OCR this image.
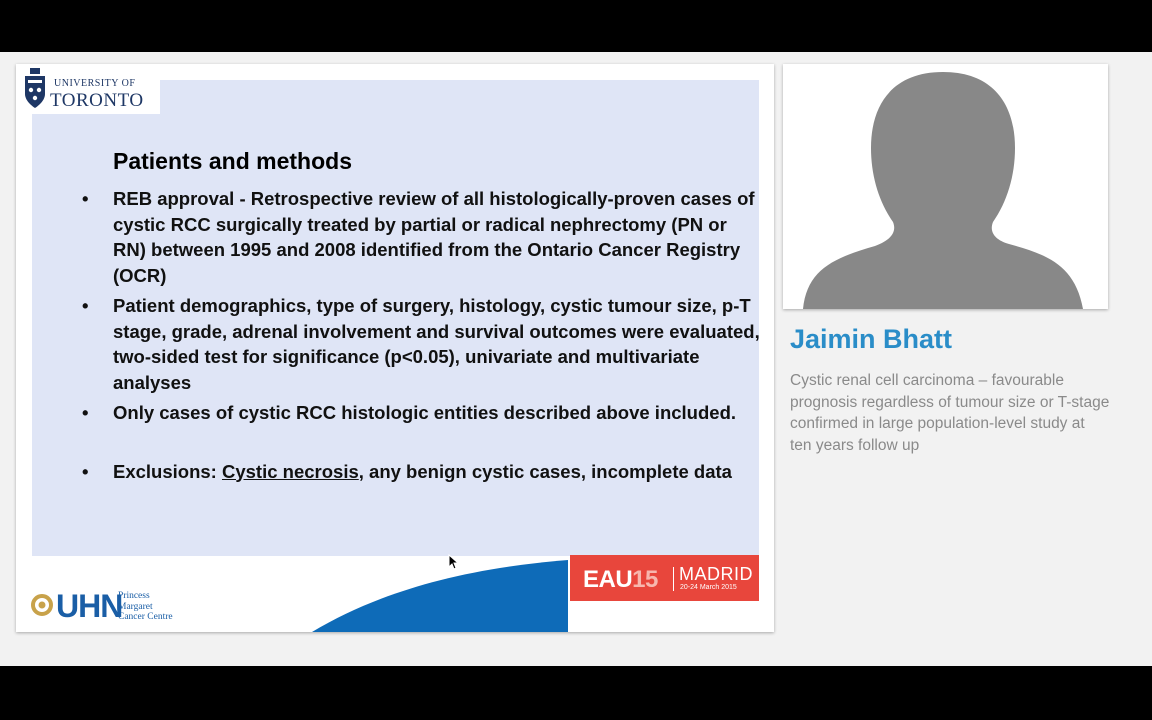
Patients and methods
• REB approval - Retrospective review of all histologically-proven cases of cystic RCC surgically treated by partial or radical nephrectomy (PN or RN) between 1995 and 2008 identified from the Ontario Cancer Registry (OCR)
• Patient demographics, type of surgery, histology, cystic tumour size, p-T stage, grade, adrenal involvement and survival outcomes were evaluated, two-sided test for significance (p<0.05), univariate and multivariate analyses
• Only cases of cystic RCC histologic entities described above included.
• Exclusions: Cystic necrosis, any benign cystic cases, incomplete data
UNIVERSITY OF
TORONTO
UHN
Princess
Margaret
Cancer Centre
EAU15 MADRID
20-24 March 2015
Jaimin Bhatt
Cystic renal cell carcinoma – favourable prognosis regardless of tumour size or T-stage confirmed in large population-level study at ten years follow up
